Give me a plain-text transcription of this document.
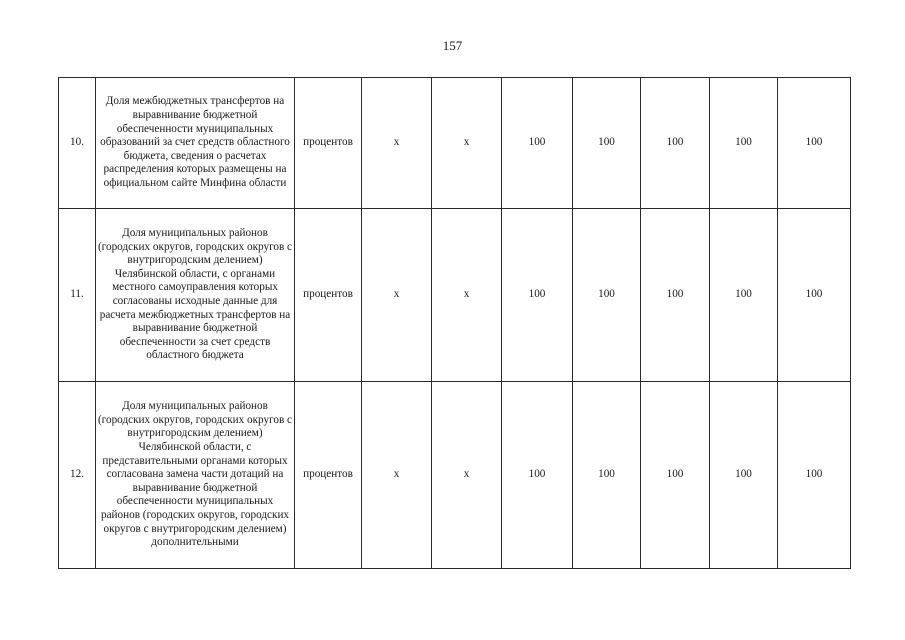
157
10.	Доля межбюджетных трансфертов на выравнивание бюджетной обеспеченности муниципальных образований за счет средств областного бюджета, сведения о расчетах распределения которых размещены на официальном сайте Минфина области	процентов	x	x	100	100	100	100	100
11.	Доля муниципальных районов (городских округов, городских округов с внутригородским делением) Челябинской области, с органами местного самоуправления которых согласованы исходные данные для расчета межбюджетных трансфертов на выравнивание бюджетной обеспеченности за счет средств областного бюджета	процентов	x	x	100	100	100	100	100
12.	Доля муниципальных районов (городских округов, городских округов с внутригородским делением) Челябинской области, с представительными органами которых согласована замена части дотаций на выравнивание бюджетной обеспеченности муниципальных районов (городских округов, городских округов с внутригородским делением) дополнительными	процентов	x	x	100	100	100	100	100
